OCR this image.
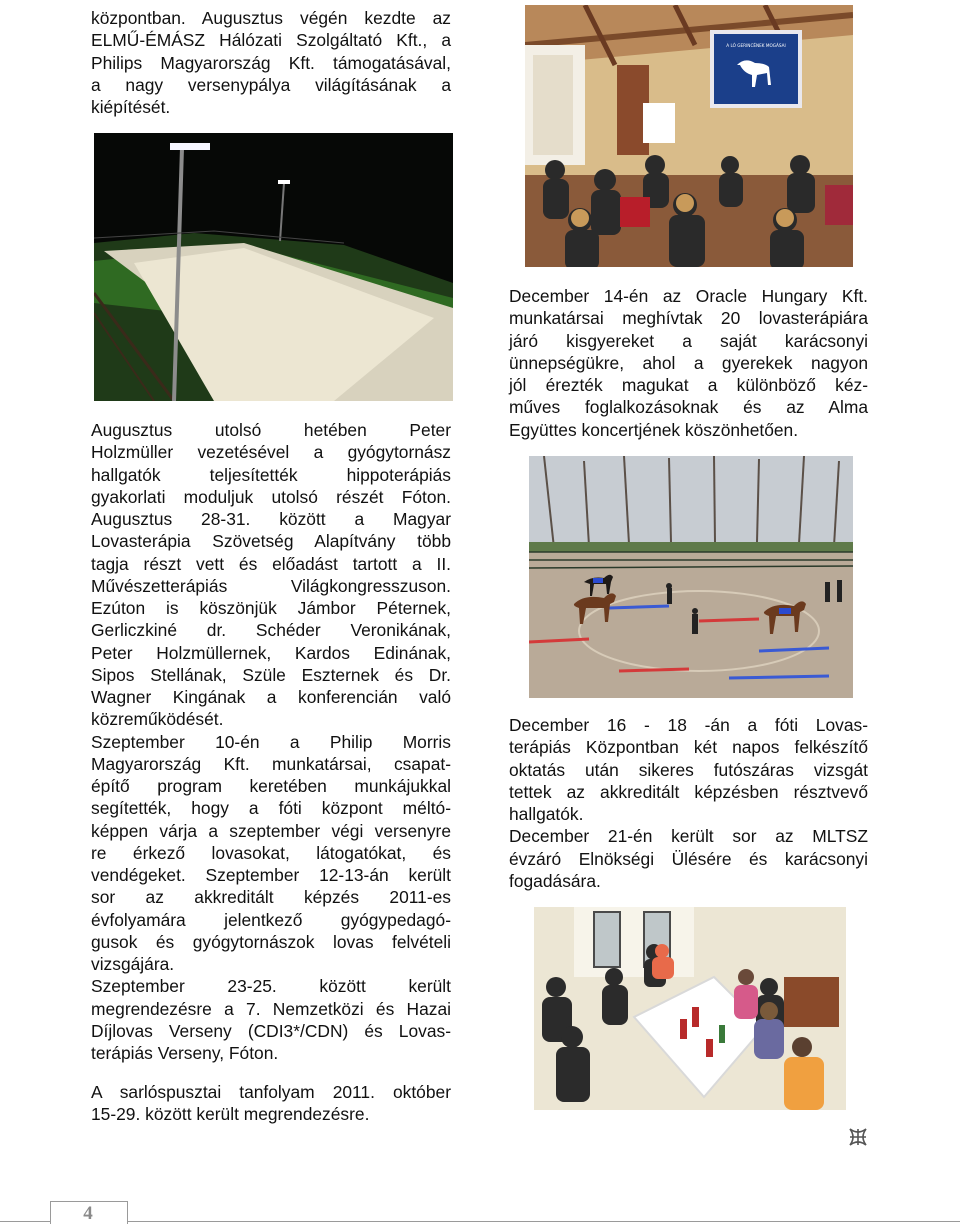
központban. Augusztus végén kezdte az
ELMŰ-ÉMÁSZ Hálózati Szolgáltató Kft., a
Philips Magyarország Kft. támogatásával,
a nagy versenypálya világításának a
kiépítését.
Augusztus utolsó hetében Peter
Holzmüller vezetésével a gyógytornász
hallgatók teljesítették hippoterápiás
gyakorlati moduljuk utolsó részét Fóton.
Augusztus 28-31. között a Magyar
Lovasterápia Szövetség Alapítvány több
tagja részt vett és előadást tartott a II.
Művészetterápiás Világkongresszuson.
Ezúton is köszönjük Jámbor Péternek,
Gerliczkiné dr. Schéder Veronikának,
Peter Holzmüllernek, Kardos Edinának,
Sipos Stellának, Szüle Eszternek és Dr.
Wagner Kingának a konferencián való
közreműködését.
Szeptember 10-én a Philip Morris
Magyarország Kft. munkatársai, csapat-
építő program keretében munkájukkal
segítették, hogy a fóti központ méltó-
képpen várja a szeptember végi versenyre
re érkező lovasokat, látogatókat, és
vendégeket. Szeptember 12-13-án került
sor az akkreditált képzés 2011-es
évfolyamára jelentkező gyógypedagó-
gusok és gyógytornászok lovas felvételi
vizsgájára.
Szeptember 23-25. között került
megrendezésre a 7. Nemzetközi és Hazai
Díjlovas Verseny (CDI3*/CDN) és Lovas-
terápiás Verseny, Fóton.
A sarlóspusztai tanfolyam 2011. október
15-29. között került megrendezésre.
A LÓ GERINCÉNEK MOGÁSAI
December 14-én az Oracle Hungary Kft.
munkatársai meghívtak 20 lovasterápiára
járó kisgyereket a saját karácsonyi
ünnepségükre, ahol a gyerekek nagyon
jól érezték magukat a különböző kéz-
műves foglalkozásoknak és az Alma
Együttes koncertjének köszönhetően.
December 16 - 18 -án a fóti Lovas-
terápiás Központban két napos felkészítő
oktatás után sikeres futószáras vizsgát
tettek az akkreditált képzésben résztvevő
hallgatók.
December 21-én került sor az MLTSZ
évzáró Elnökségi Ülésére és karácsonyi
fogadására.
4
